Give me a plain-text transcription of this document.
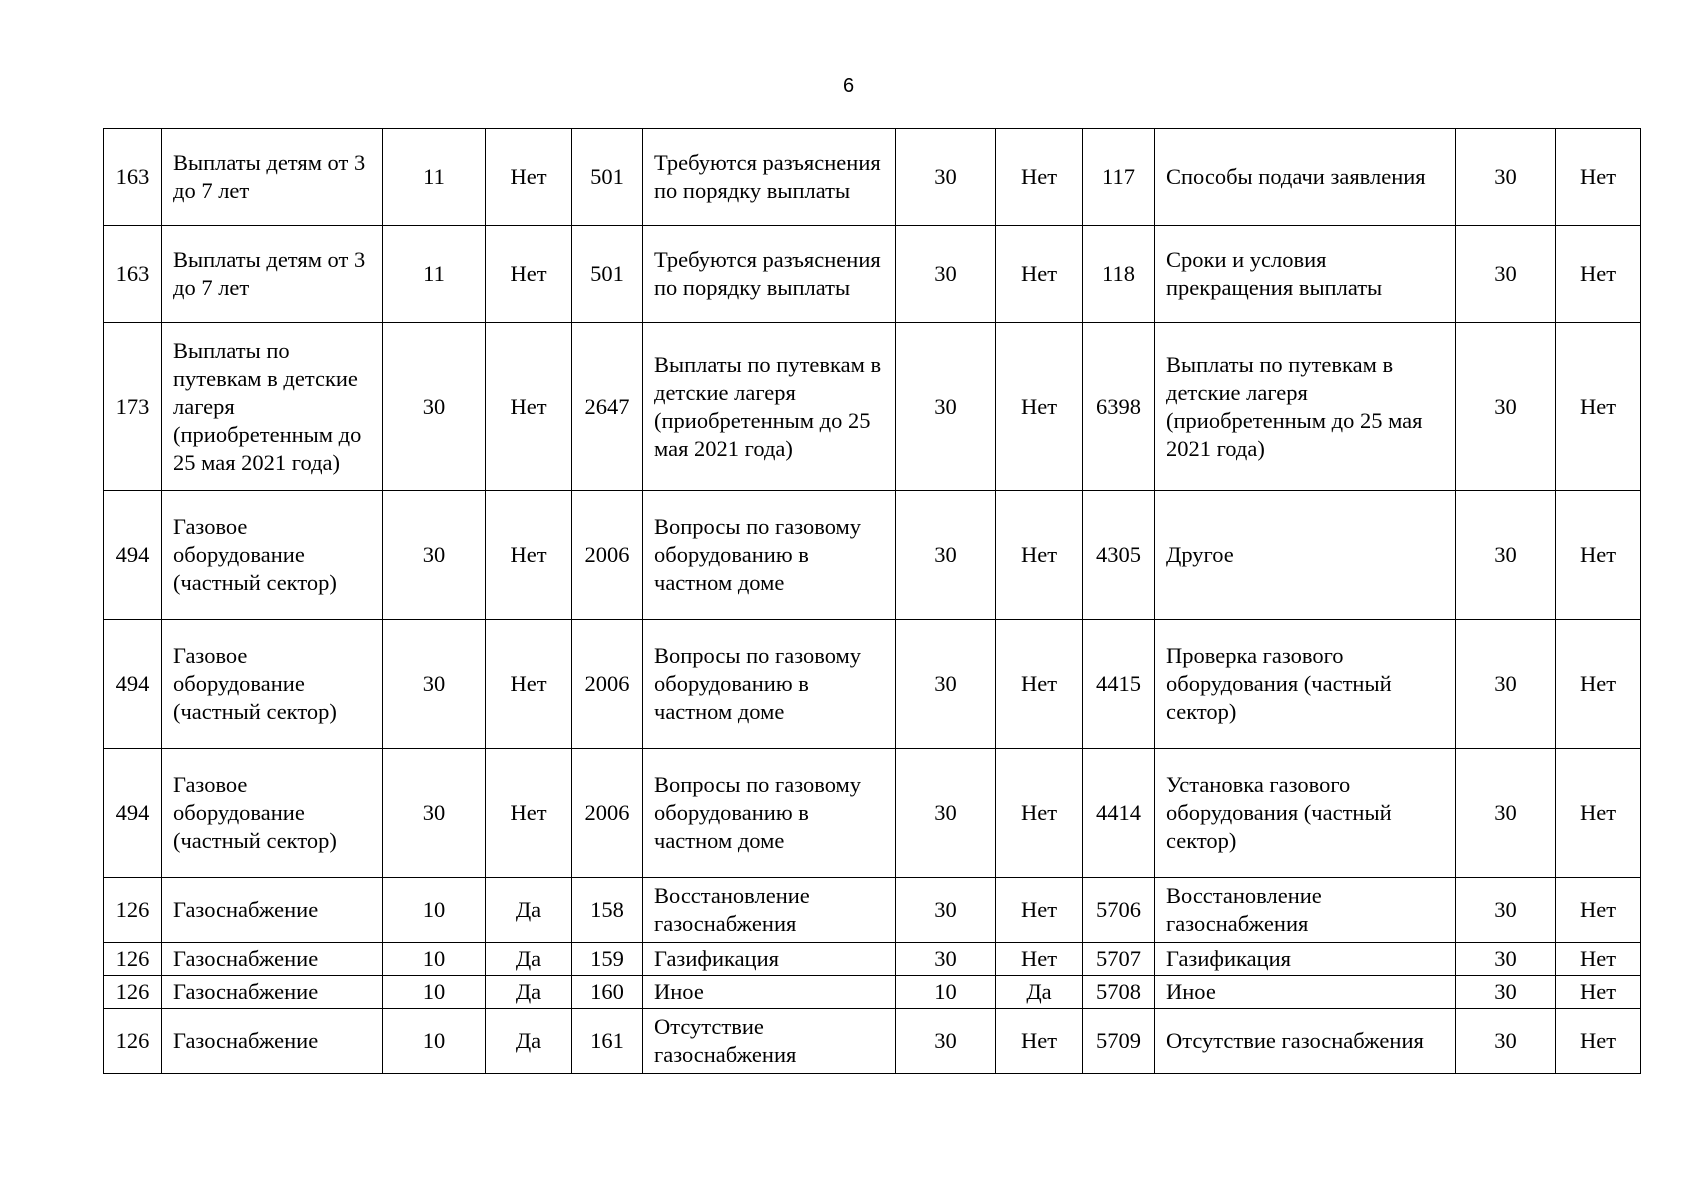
6
163	Выплаты детям от 3 до 7 лет	11	Нет	501	Требуются разъяснения по порядку выплаты	30	Нет	117	Способы подачи заявления	30	Нет
163	Выплаты детям от 3 до 7 лет	11	Нет	501	Требуются разъяснения по порядку выплаты	30	Нет	118	Сроки и условия прекращения выплаты	30	Нет
173	Выплаты по путевкам в детские лагеря (приобретенным до 25 мая 2021 года)	30	Нет	2647	Выплаты по путевкам в детские лагеря (приобретенным до 25 мая 2021 года)	30	Нет	6398	Выплаты по путевкам в детские лагеря (приобретенным до 25 мая 2021 года)	30	Нет
494	Газовое оборудование (частный сектор)	30	Нет	2006	Вопросы по газовому оборудованию в частном доме	30	Нет	4305	Другое	30	Нет
494	Газовое оборудование (частный сектор)	30	Нет	2006	Вопросы по газовому оборудованию в частном доме	30	Нет	4415	Проверка газового оборудования (частный сектор)	30	Нет
494	Газовое оборудование (частный сектор)	30	Нет	2006	Вопросы по газовому оборудованию в частном доме	30	Нет	4414	Установка газового оборудования (частный сектор)	30	Нет
126	Газоснабжение	10	Да	158	Восстановление газоснабжения	30	Нет	5706	Восстановление газоснабжения	30	Нет
126	Газоснабжение	10	Да	159	Газификация	30	Нет	5707	Газификация	30	Нет
126	Газоснабжение	10	Да	160	Иное	10	Да	5708	Иное	30	Нет
126	Газоснабжение	10	Да	161	Отсутствие газоснабжения	30	Нет	5709	Отсутствие газоснабжения	30	Нет
